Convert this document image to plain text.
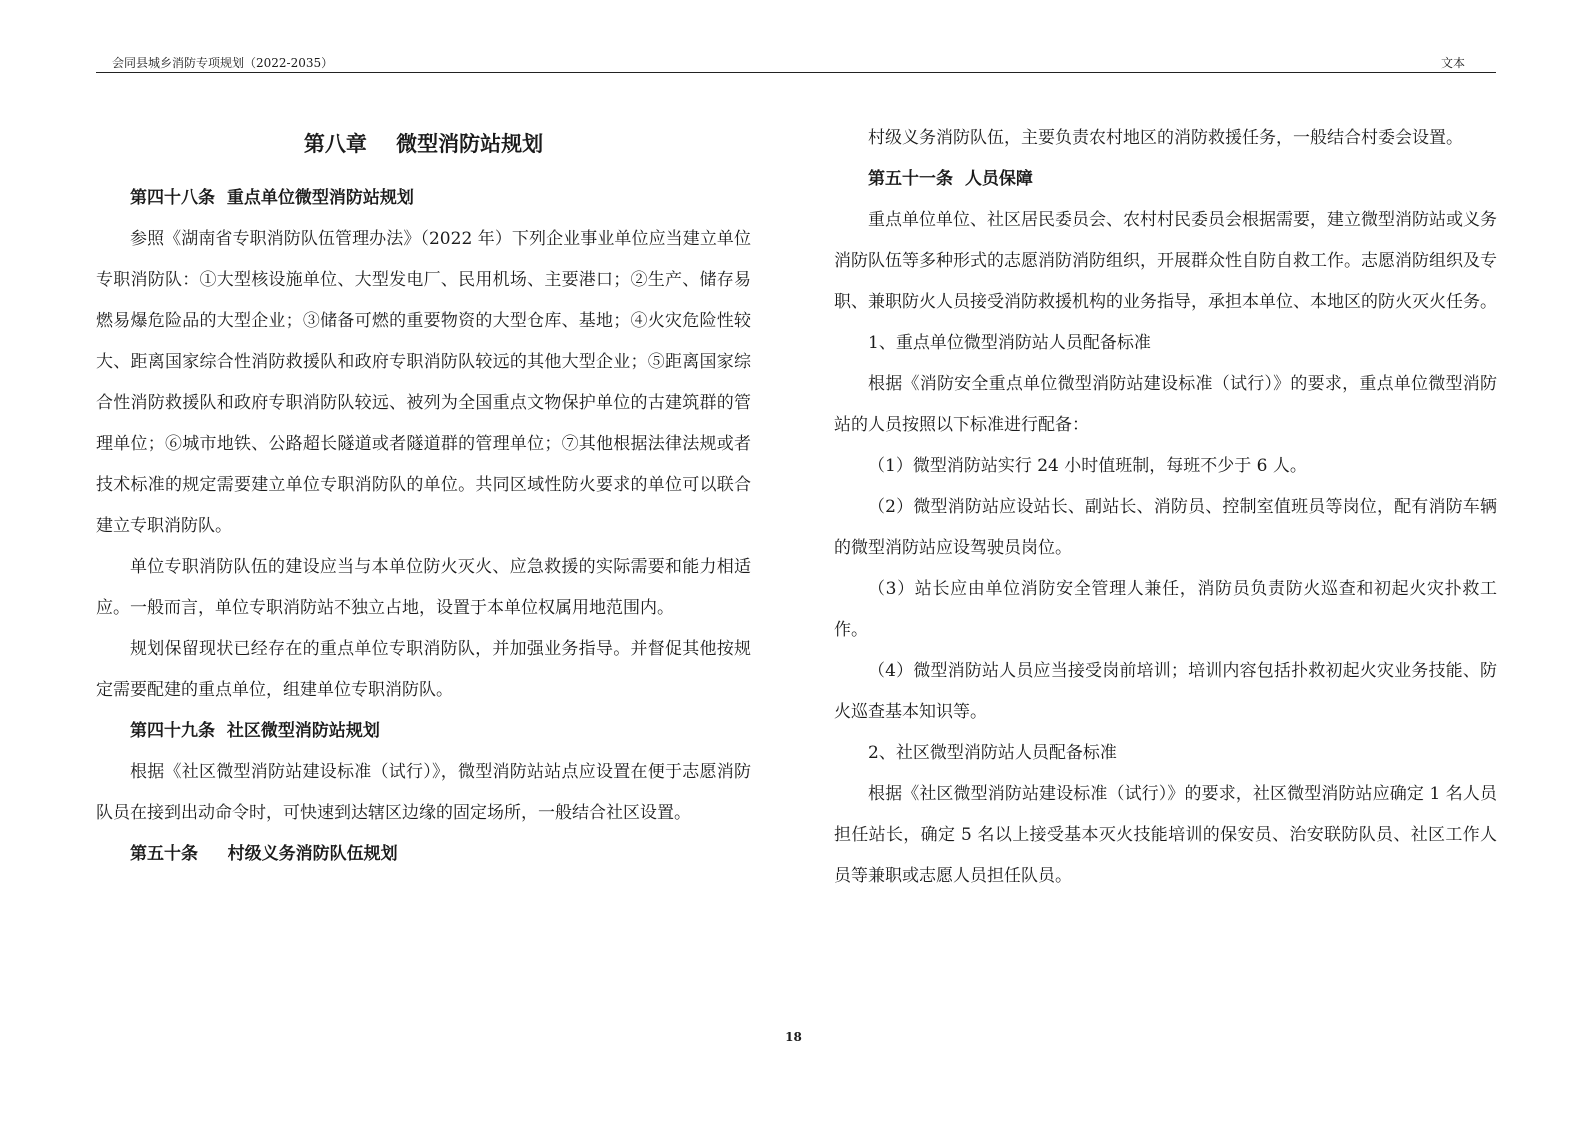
会同县城乡消防专项规划（2022-2035）	文本
第八章    微型消防站规划

第四十八条  重点单位微型消防站规划

参照《湖南省专职消防队伍管理办法》（2022 年）下列企业事业单位应当建立单位专职消防队：①大型核设施单位、大型发电厂、民用机场、主要港口；②生产、储存易燃易爆危险品的大型企业；③储备可燃的重要物资的大型仓库、基地；④火灾危险性较大、距离国家综合性消防救援队和政府专职消防队较远的其他大型企业；⑤距离国家综合性消防救援队和政府专职消防队较远、被列为全国重点文物保护单位的古建筑群的管理单位；⑥城市地铁、公路超长隧道或者隧道群的管理单位；⑦其他根据法律法规或者技术标准的规定需要建立单位专职消防队的单位。共同区域性防火要求的单位可以联合建立专职消防队。

单位专职消防队伍的建设应当与本单位防火灭火、应急救援的实际需要和能力相适应。一般而言，单位专职消防站不独立占地，设置于本单位权属用地范围内。

规划保留现状已经存在的重点单位专职消防队，并加强业务指导。并督促其他按规定需要配建的重点单位，组建单位专职消防队。

第四十九条  社区微型消防站规划

根据《社区微型消防站建设标准（试行）》，微型消防站站点应设置在便于志愿消防队员在接到出动命令时，可快速到达辖区边缘的固定场所，一般结合社区设置。

第五十条     村级义务消防队伍规划

村级义务消防队伍，主要负责农村地区的消防救援任务，一般结合村委会设置。

第五十一条  人员保障

重点单位单位、社区居民委员会、农村村民委员会根据需要，建立微型消防站或义务消防队伍等多种形式的志愿消防消防组织，开展群众性自防自救工作。志愿消防组织及专职、兼职防火人员接受消防救援机构的业务指导，承担本单位、本地区的防火灭火任务。

1、重点单位微型消防站人员配备标准

根据《消防安全重点单位微型消防站建设标准（试行）》的要求，重点单位微型消防站的人员按照以下标准进行配备：

（1）微型消防站实行 24 小时值班制，每班不少于 6 人。

（2）微型消防站应设站长、副站长、消防员、控制室值班员等岗位，配有消防车辆的微型消防站应设驾驶员岗位。

（3）站长应由单位消防安全管理人兼任，消防员负责防火巡查和初起火灾扑救工作。

（4）微型消防站人员应当接受岗前培训；培训内容包括扑救初起火灾业务技能、防火巡查基本知识等。

2、社区微型消防站人员配备标准

根据《社区微型消防站建设标准（试行）》的要求，社区微型消防站应确定 1 名人员担任站长，确定 5 名以上接受基本灭火技能培训的保安员、治安联防队员、社区工作人员等兼职或志愿人员担任队员。

18
